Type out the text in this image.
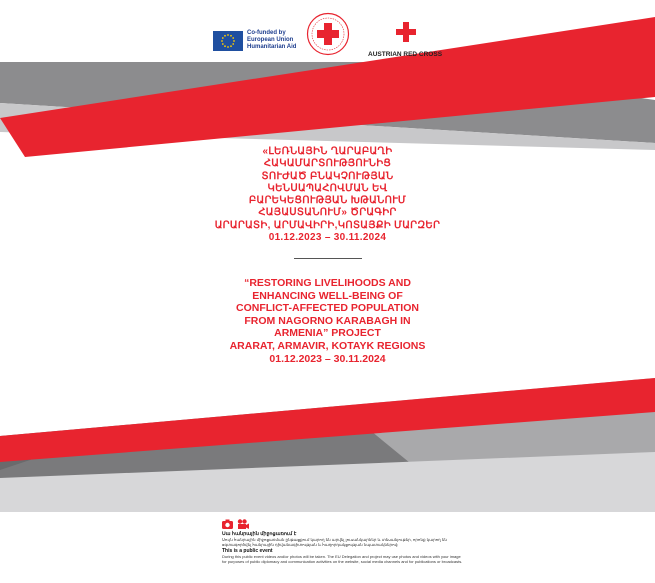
Co-funded by
European Union
Humanitarian Aid
AUSTRIAN RED CROSS
«ԼԵՌՆԱՅԻՆ ՂԱՐԱԲԱՂԻ
ՀԱԿԱՄԱՐՏՈՒԹՅՈՒՆԻՑ
ՏՈՒԺԱԾ ԲՆԱԿՉՈՒԹՅԱՆ
ԿԵՆՍԱՊԱՀՈՎՄԱՆ ԵՎ
ԲԱՐԵԿԵՑՈՒԹՅԱՆ ԽԹԱՆՈՒՄ
ՀԱՅԱՍՏԱՆՈՒՄ» ԾՐԱԳԻՐ
ԱՐԱՐԱՏԻ, ԱՐՄԱՎԻՐԻ,ԿՈՏԱՅՔԻ ՄԱՐԶԵՐ
01.12.2023 – 30.11.2024
“RESTORING LIVELIHOODS AND
ENHANCING WELL-BEING OF
CONFLICT-AFFECTED POPULATION
FROM NAGORNO KARABAGH IN
ARMENIA” PROJECT
ARARAT, ARMAVIR, KOTAYK REGIONS
01.12.2023 – 30.11.2024
Սա հանրային միջոցառում է
Սույն հանրային միջոցառման ընթացքում կարող են արվել լուսանկարներ և տեսանյութեր, որոնք կարող են
օգտագործվել հանրային դիվանագիտության և հաղորդակցության նպատակներով։
This is a public event
During this public event videos and/or photos will be taken. The EU Delegation and project may use photos and videos with your image
for purposes of public diplomacy and communication activities on the website, social media channels and for publications or broadcasts.
